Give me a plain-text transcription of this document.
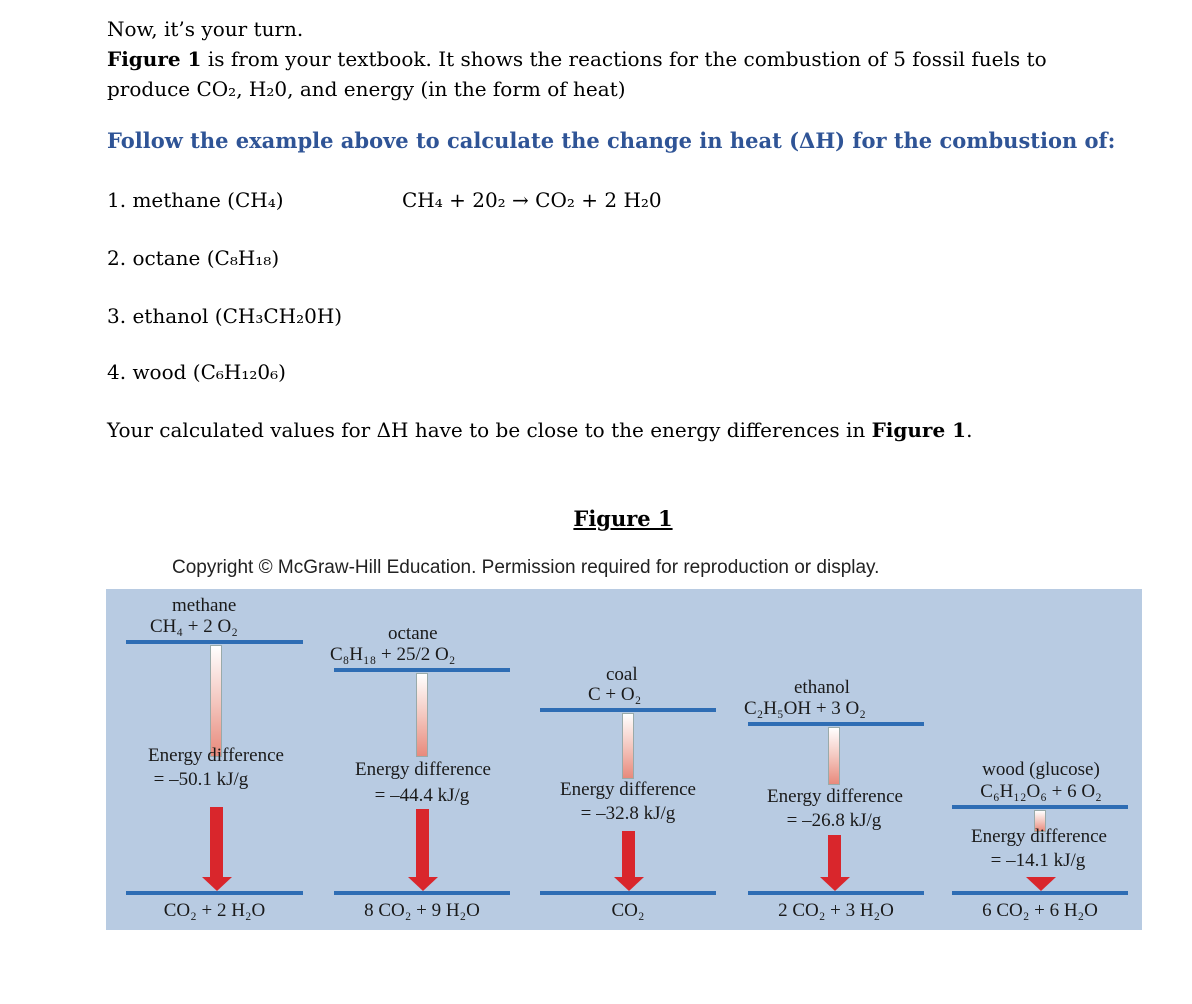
Now, it’s your turn.

Figure 1 is from your textbook. It shows the reactions for the combustion of 5 fossil fuels to

produce CO₂, H₂0, and energy (in the form of heat)

Follow the example above to calculate the change in heat (ΔH) for the combustion of:
1. methane (CH₄)	CH₄ + 20₂ → CO₂ + 2 H₂0
2. octane (C₈H₁₈)
3. ethanol (CH₃CH₂0H)
4. wood (C₆H₁₂0₆)
Your calculated values for ΔH have to be close to the energy differences in Figure 1.
Figure 1
Copyright © McGraw-Hill Education. Permission required for reproduction or display.
methane
CH₄ + 2 O₂
Energy difference
= –50.1 kJ/g
CO₂ + 2 H₂O
octane
C₈H₁₈ + 25/2 O₂
Energy difference
= –44.4 kJ/g
8 CO₂ + 9 H₂O
coal
C + O₂
Energy difference
= –32.8 kJ/g
CO₂
ethanol
C₂H₅OH + 3 O₂
Energy difference
= –26.8 kJ/g
2 CO₂ + 3 H₂O
wood (glucose)
C₆H₁₂O₆ + 6 O₂
Energy difference
= –14.1 kJ/g
6 CO₂ + 6 H₂O
